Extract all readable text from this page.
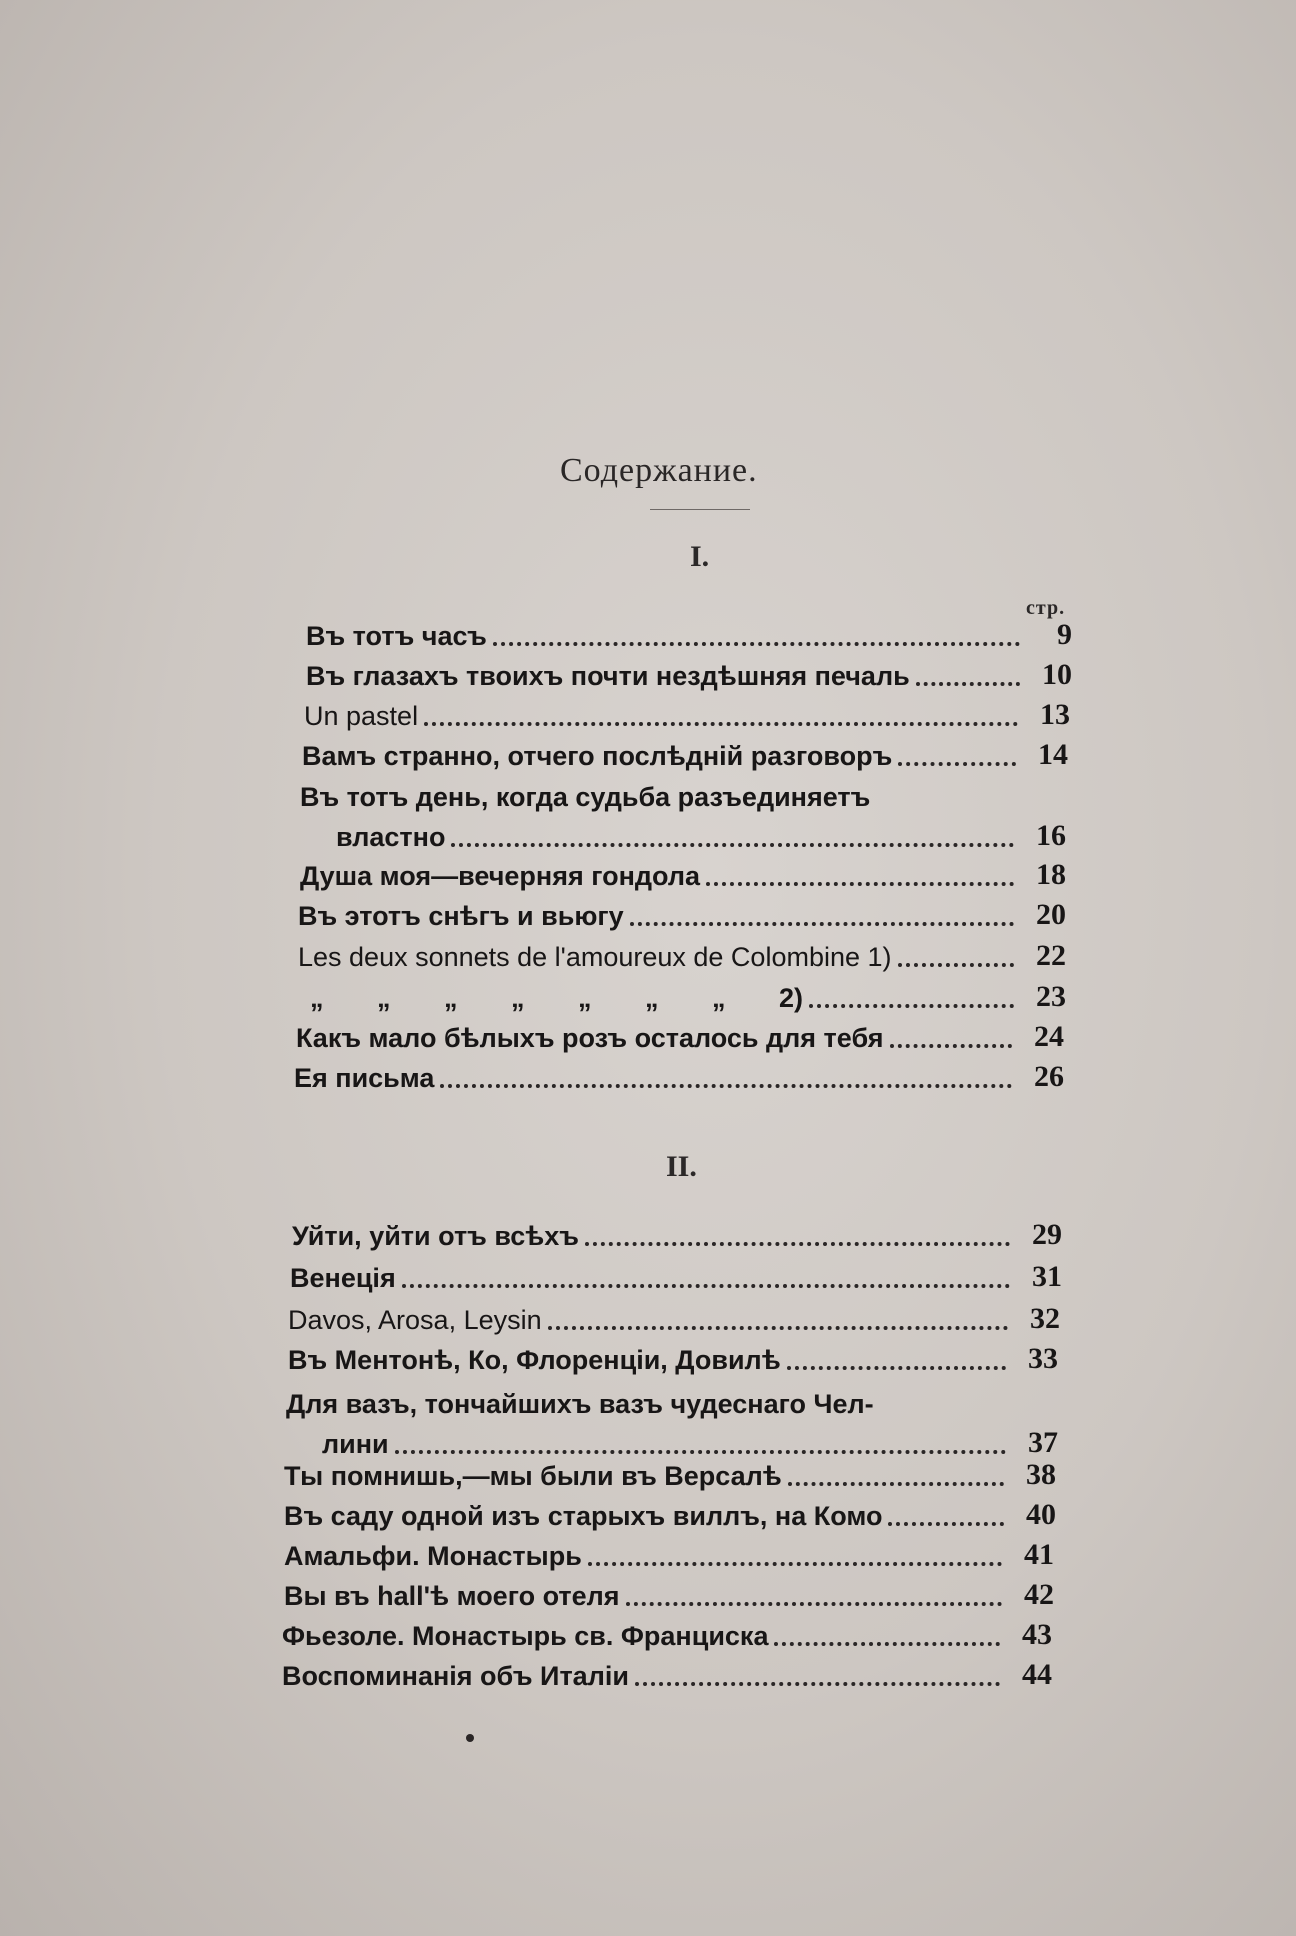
Содержание.
I.
стр.
Въ тотъ часъ	9
Въ глазахъ твоихъ почти нездѣшняя печаль	10
Un pastel	13
Вамъ странно, отчего послѣдній разговоръ	14
Въ тотъ день, когда судьба разъединяетъ
властно	16
Душа моя—вечерняя гондола	18
Въ этотъ снѣгъ и вьюгу	20
Les deux sonnets de l'amoureux de Colombine 1)	22
„ „ „ „ „ „ „ 2)	23
Какъ мало бѣлыхъ розъ осталось для тебя	24
Ея письма	26
II.
Уйти, уйти отъ всѣхъ	29
Венеція	31
Davos, Arosa, Leysin	32
Въ Ментонѣ, Ко, Флоренціи, Довилѣ	33
Для вазъ, тончайшихъ вазъ чудеснаго Чел-
лини	37
Ты помнишь,—мы были въ Версалѣ	38
Въ саду одной изъ старыхъ виллъ, на Комо	40
Амальфи. Монастырь	41
Вы въ hall'ѣ моего отеля	42
Фьезоле. Монастырь св. Франциска	43
Воспоминанія объ Италіи	44
